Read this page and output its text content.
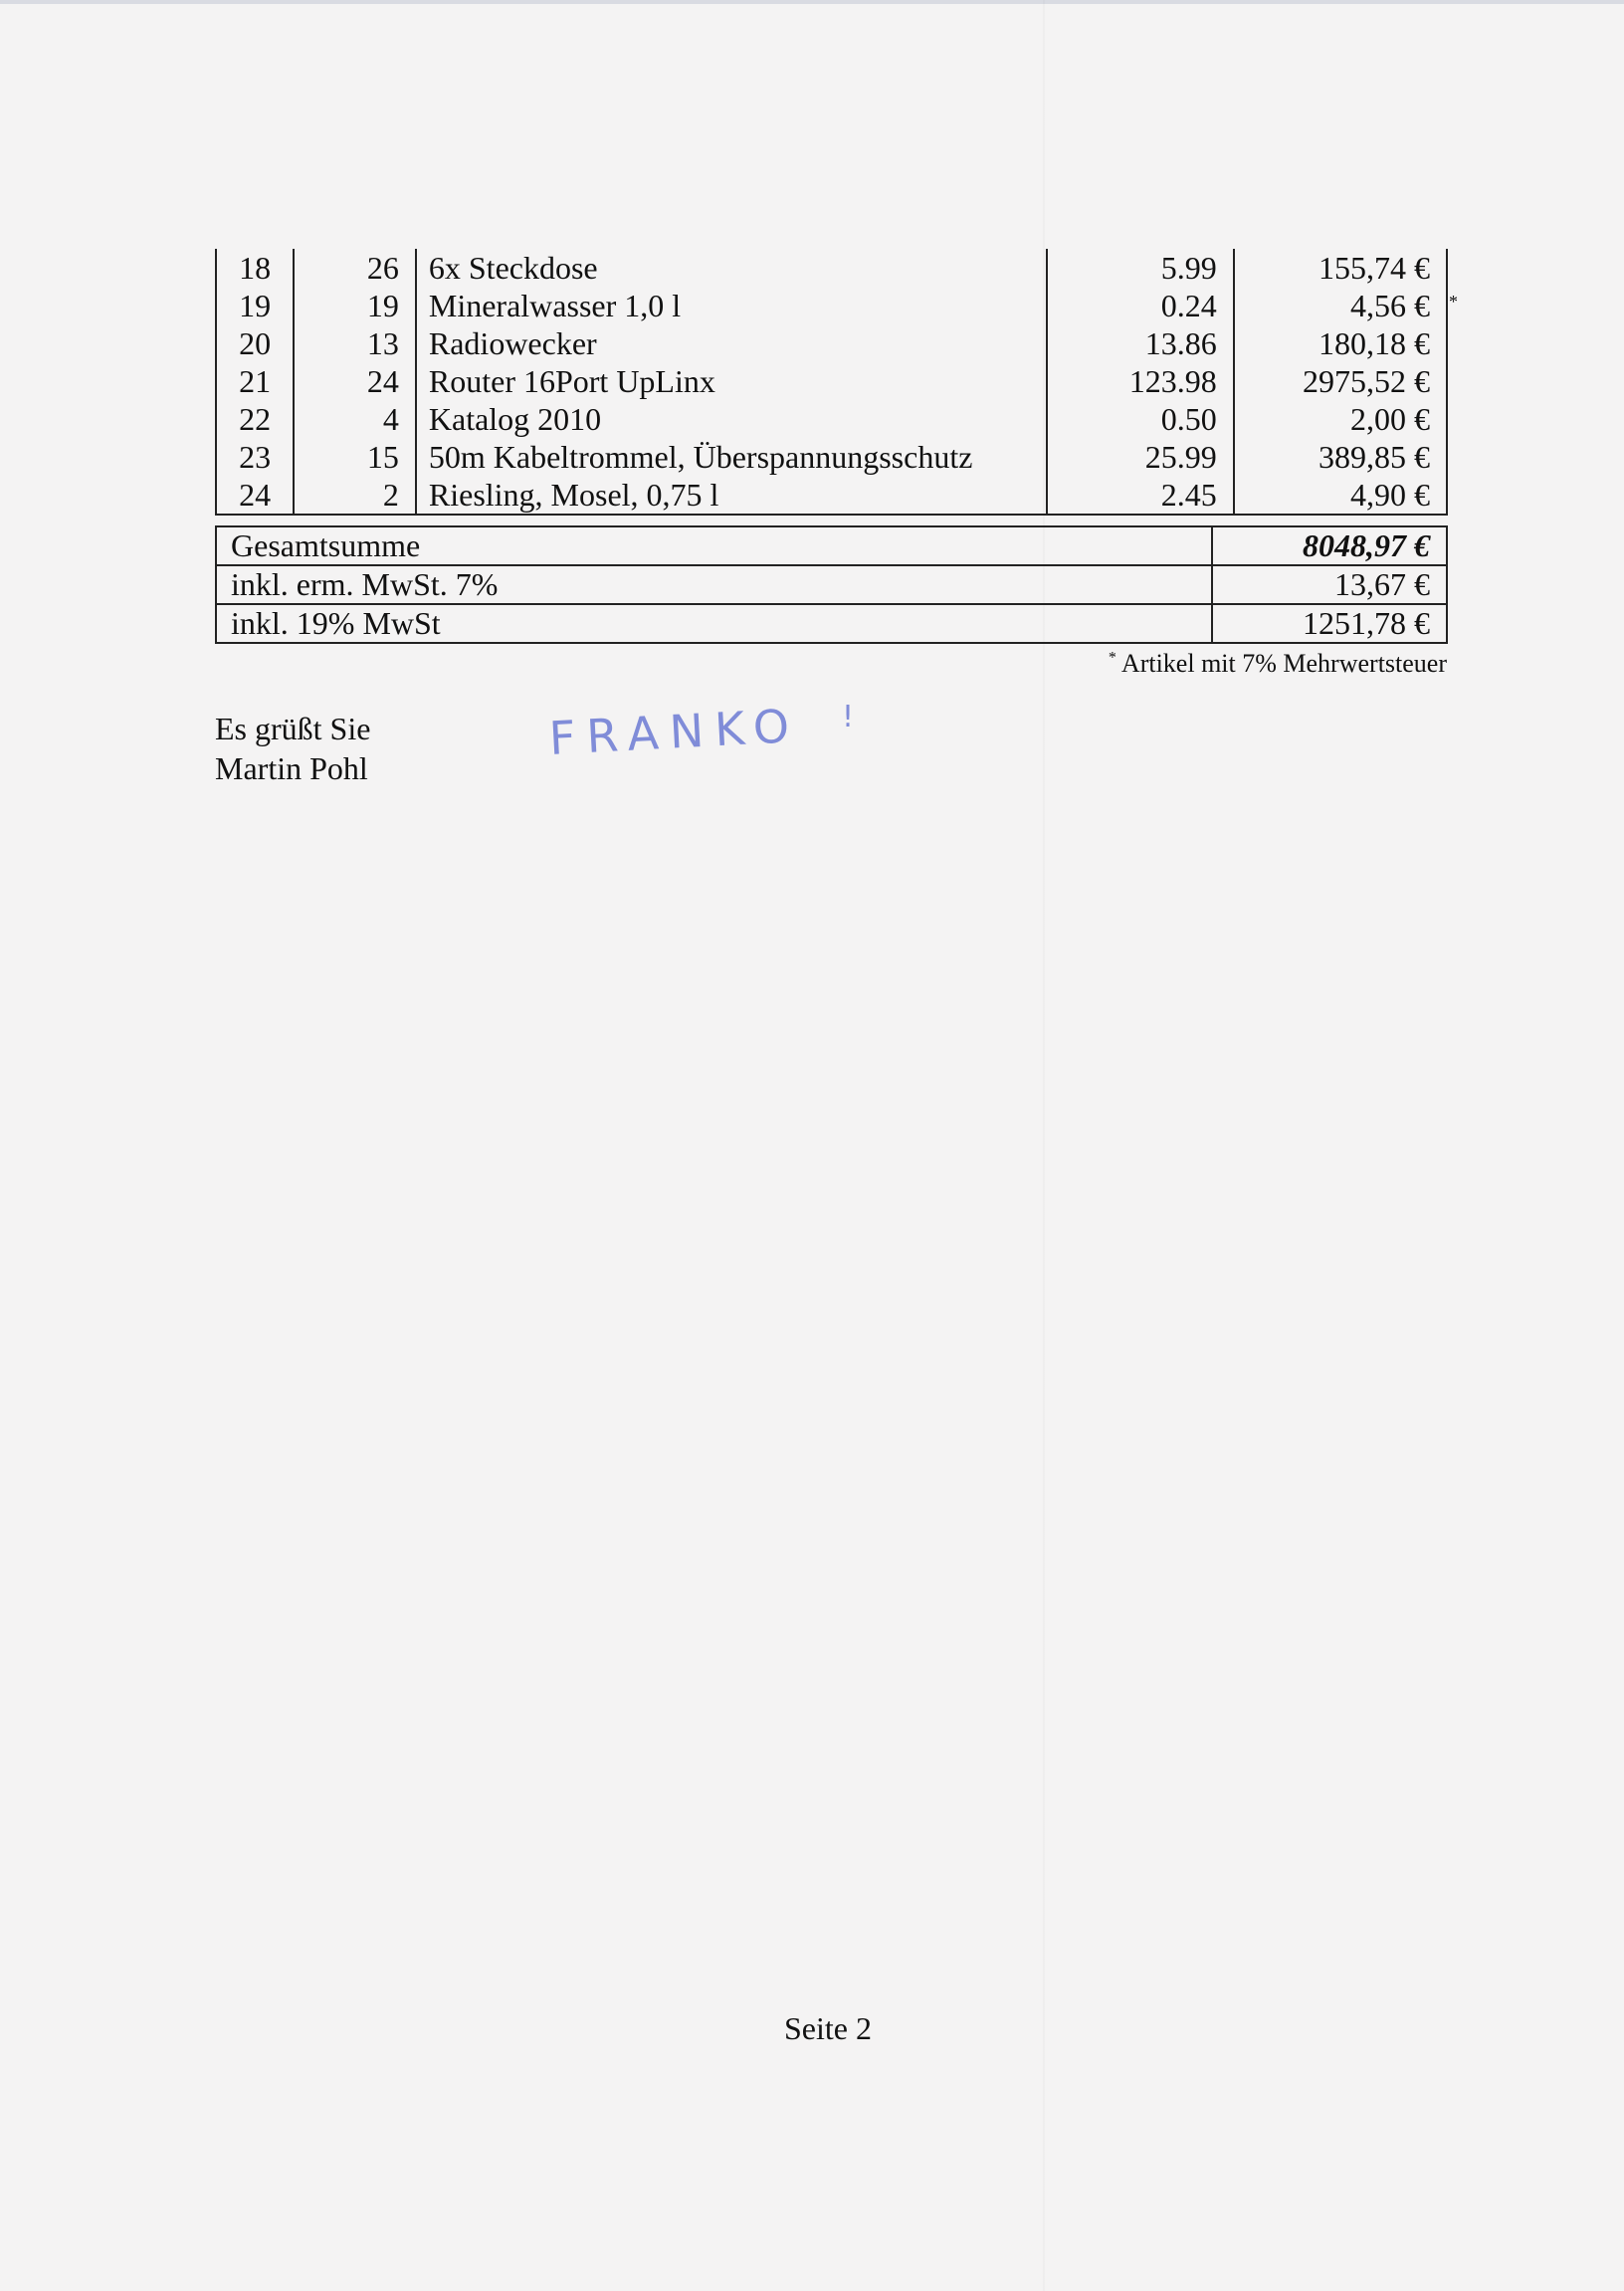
18	26	6x Steckdose	5.99	155,74 €
19	19	Mineralwasser 1,0 l	0.24	4,56 € *

20	13	Radiowecker	13.86	180,18 €
21	24	Router 16Port UpLinx	123.98	2975,52 €
22	4	Katalog 2010	0.50	2,00 €
23	15	50m Kabeltrommel, Überspannungsschutz	25.99	389,85 €
24	2	Riesling, Mosel, 0,75 l	2.45	4,90 €
Gesamtsumme	8048,97 €
inkl. erm. MwSt. 7%	13,67 €
inkl. 19% MwSt	1251,78 €
* Artikel mit 7% Mehrwertsteuer
Es grüßt Sie
Martin Pohl
FRANKO !
Seite 2
